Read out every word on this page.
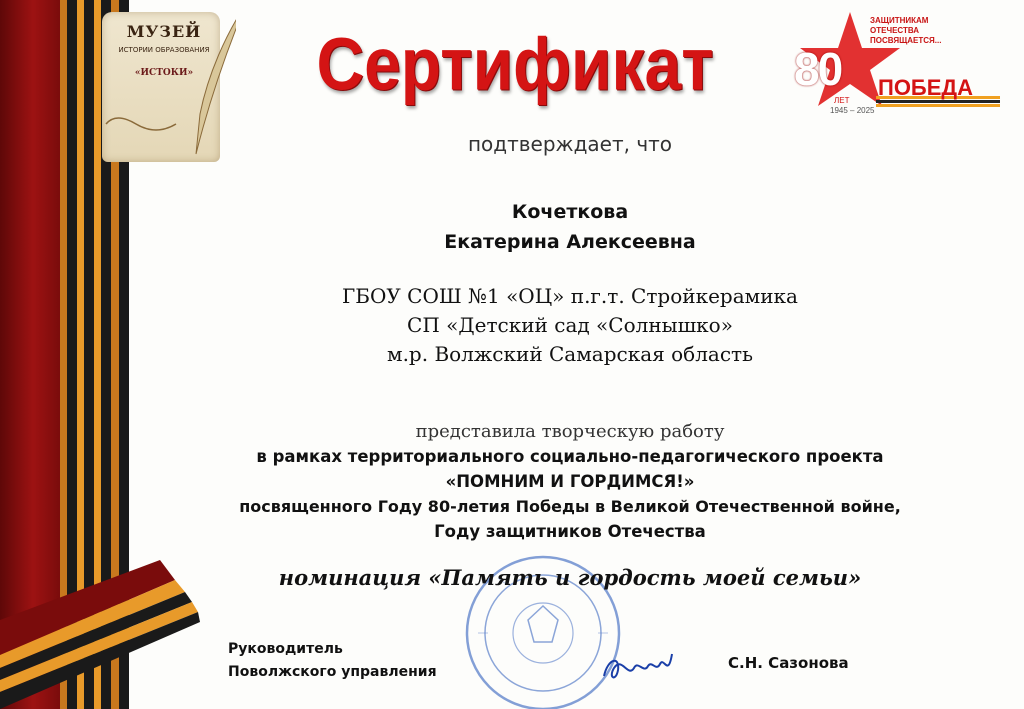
МУЗЕЙ
ИСТОРИИ ОБРАЗОВАНИЯ
«ИСТОКИ»	Сертификат
ЗАЩИТНИКАМ
ОТЕЧЕСТВА
ПОСВЯЩАЕТСЯ...
80 ПОБЕДА
ЛЕТ
1945 – 2025
подтверждает, что
Кочеткова
Екатерина Алексеевна
ГБОУ СОШ №1 «ОЦ» п.г.т. Стройкерамика
СП «Детский сад «Солнышко»
м.р. Волжский Самарская область
представила творческую работу
в рамках территориального социально-педагогического проекта
«ПОМНИМ И ГОРДИМСЯ!»
посвященного Году 80-летия Победы в Великой Отечественной войне,
Году защитников Отечества
номинация «Память и гордость моей семьи»
Руководитель
Поволжского управления	С.Н. Сазонова
